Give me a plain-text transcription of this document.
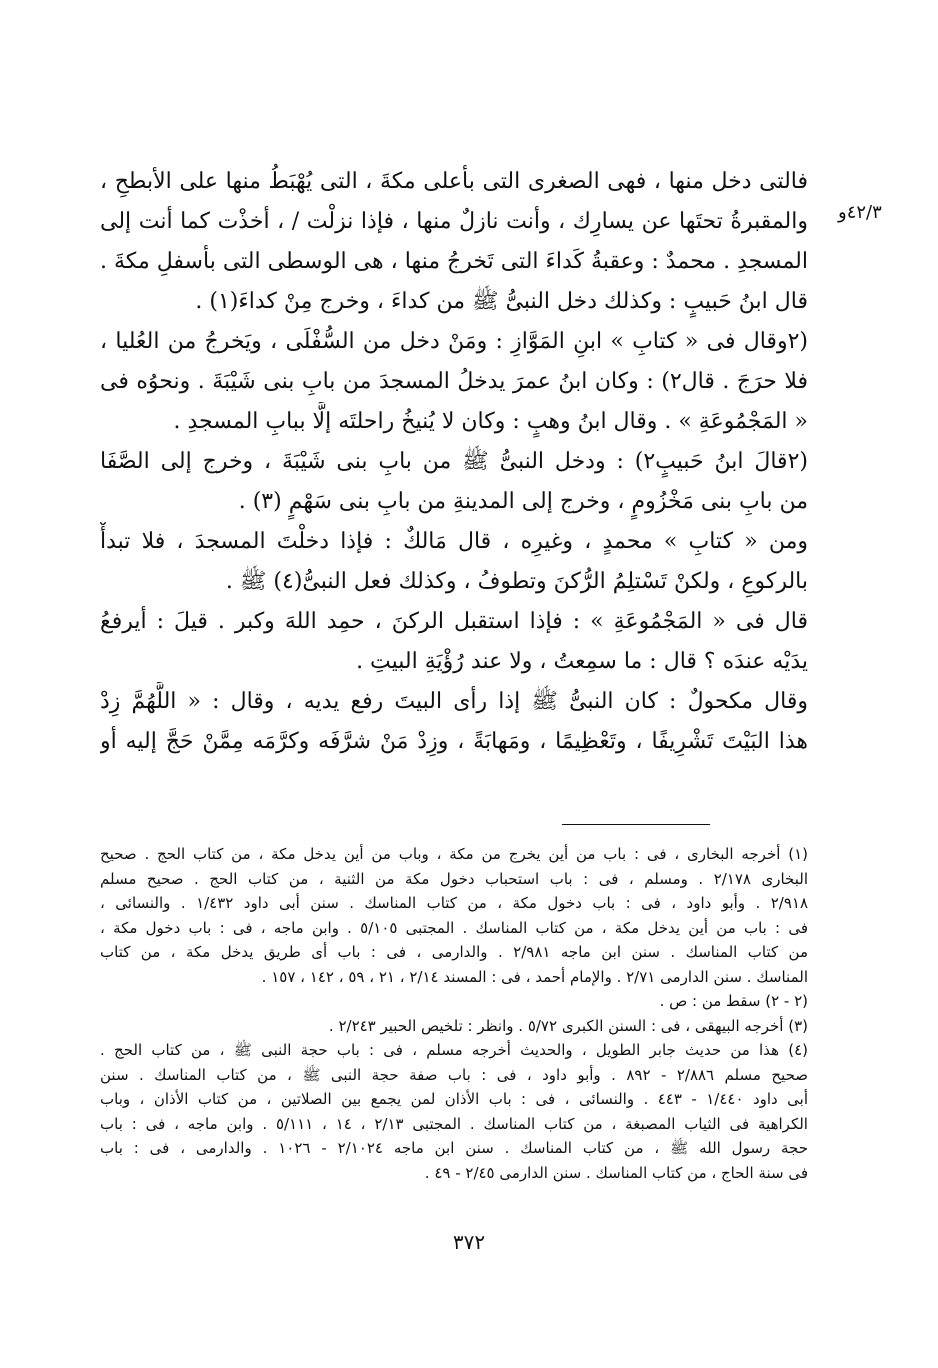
٤٢/٣و
فالتى دخل منها ، فهى الصغرى التى بأعلى مكةَ ، التى يُهْبَطُ منها على الأبطحِ ،
والمقبرةُ تحتَها عن يسارِك ، وأنت نازلٌ منها ، فإذا نزلْت / ، أخذْت كما أنت إلى
المسجدِ . محمدٌ : وعقبةُ كَداءَ التى تَخرجُ منها ، هى الوسطى التى بأسفلِ مكةَ .
قال ابنُ حَبيبٍ : وكذلك دخل النبىُّ ﷺ من كداءَ ، وخرج مِنْ كداءَ(١) .
(٢وقال فى « كتابِ » ابنِ المَوَّازِ : ومَنْ دخل من السُّفْلَى ، ويَخرجُ من العُليا ،
فلا حرَجَ . قال٢) : وكان ابنُ عمرَ يدخلُ المسجدَ من بابِ بنى شَيْبَةَ . ونحوُه فى
« المَجْمُوعَةِ » . وقال ابنُ وهبٍ : وكان لا يُنيخُ راحلتَه إلَّا ببابِ المسجدِ .
(٢قالَ ابنُ حَبيبٍ٢) : ودخل النبىُّ ﷺ من بابِ بنى شَيْبَةَ ، وخرج إلى الصَّفَا
من بابِ بنى مَخْزُومٍ ، وخرج إلى المدينةِ من بابِ بنى سَهْمٍ (٣) .
ومن « كتابِ » محمدٍ ، وغيرِه ، قال مَالكٌ : فإذا دخلْتَ المسجدَ ، فلا تبدأْ
بالركوعِ ، ولكنْ تَسْتلِمُ الرُّكنَ وتطوفُ ، وكذلك فعل النبىُّ(٤) ﷺ .
قال فى « المَجْمُوعَةِ » : فإذا استقبل الركنَ ، حمِد اللهَ وكبر . قيلَ : أيرفعُ
يدَيْه عندَه ؟ قال : ما سمِعتُ ، ولا عند رُؤْيَةِ البيتِ .
وقال مكحولٌ : كان النبىُّ ﷺ إذا رأى البيتَ رفع يديه ، وقال : « اللَّهُمَّ زِدْ
هذا البَيْتَ تَشْرِيفًا ، وتَعْظِيمًا ، ومَهابَةً ، وزِدْ مَنْ شرَّفَه وكرَّمَه مِمَّنْ حَجَّ إليه أو
(١) أخرجه البخارى ، فى : باب من أين يخرج من مكة ، وباب من أين يدخل مكة ، من كتاب الحج . صحيح
البخارى ٢/١٧٨ . ومسلم ، فى : باب استحباب دخول مكة من الثنية ، من كتاب الحج . صحيح مسلم
٢/٩١٨ . وأبو داود ، فى : باب دخول مكة ، من كتاب المناسك . سنن أبى داود ١/٤٣٢ . والنسائى ،
فى : باب من أين يدخل مكة ، من كتاب المناسك . المجتبى ٥/١٠٥ . وابن ماجه ، فى : باب دخول مكة ،
من كتاب المناسك . سنن ابن ماجه ٢/٩٨١ . والدارمى ، فى : باب أى طريق يدخل مكة ، من كتاب
المناسك . سنن الدارمى ٢/٧١ . والإمام أحمد ، فى : المسند ٢/١٤ ، ٢١ ، ٥٩ ، ١٤٢ ، ١٥٧ .
(٢ - ٢) سقط من : ص .
(٣) أخرجه البيهقى ، فى : السنن الكبرى ٥/٧٢ . وانظر : تلخيص الحبير ٢/٢٤٣ .
(٤) هذا من حديث جابر الطويل ، والحديث أخرجه مسلم ، فى : باب حجة النبى ﷺ ، من كتاب الحج .
صحيح مسلم ٢/٨٨٦ - ٨٩٢ . وأبو داود ، فى : باب صفة حجة النبى ﷺ ، من كتاب المناسك . سنن
أبى داود ١/٤٤٠ - ٤٤٣ . والنسائى ، فى : باب الأذان لمن يجمع بين الصلاتين ، من كتاب الأذان ، وباب
الكراهية فى الثياب المصبغة ، من كتاب المناسك . المجتبى ٢/١٣ ، ١٤ ، ٥/١١١ . وابن ماجه ، فى : باب
حجة رسول الله ﷺ ، من كتاب المناسك . سنن ابن ماجه ٢/١٠٢٤ - ١٠٢٦ . والدارمى ، فى : باب
فى سنة الحاج ، من كتاب المناسك . سنن الدارمى ٢/٤٥ - ٤٩ .
٣٧٢
